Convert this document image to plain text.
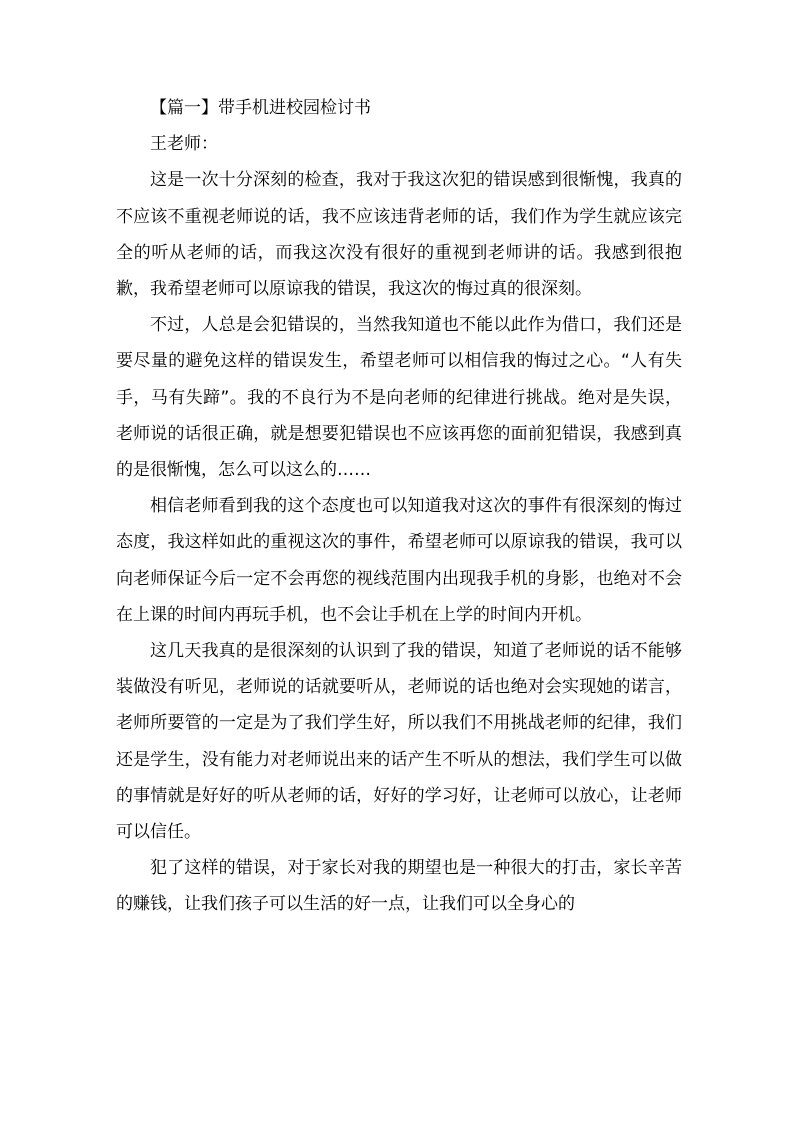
【篇一】带手机进校园检讨书

王老师：

这是一次十分深刻的检查，我对于我这次犯的错误感到很惭愧，我真的不应该不重视老师说的话，我不应该违背老师的话，我们作为学生就应该完全的听从老师的话，而我这次没有很好的重视到老师讲的话。我感到很抱歉，我希望老师可以原谅我的错误，我这次的悔过真的很深刻。

不过，人总是会犯错误的，当然我知道也不能以此作为借口，我们还是要尽量的避免这样的错误发生，希望老师可以相信我的悔过之心。“人有失手，马有失蹄”。我的不良行为不是向老师的纪律进行挑战。绝对是失误，老师说的话很正确，就是想要犯错误也不应该再您的面前犯错误，我感到真的是很惭愧，怎么可以这么的……

相信老师看到我的这个态度也可以知道我对这次的事件有很深刻的悔过态度，我这样如此的重视这次的事件，希望老师可以原谅我的错误，我可以向老师保证今后一定不会再您的视线范围内出现我手机的身影，也绝对不会在上课的时间内再玩手机，也不会让手机在上学的时间内开机。

这几天我真的是很深刻的认识到了我的错误，知道了老师说的话不能够装做没有听见，老师说的话就要听从，老师说的话也绝对会实现她的诺言，老师所要管的一定是为了我们学生好，所以我们不用挑战老师的纪律，我们还是学生，没有能力对老师说出来的话产生不听从的想法，我们学生可以做的事情就是好好的听从老师的话，好好的学习好，让老师可以放心，让老师可以信任。

犯了这样的错误，对于家长对我的期望也是一种很大的打击，家长辛苦的赚钱，让我们孩子可以生活的好一点，让我们可以全身心的
